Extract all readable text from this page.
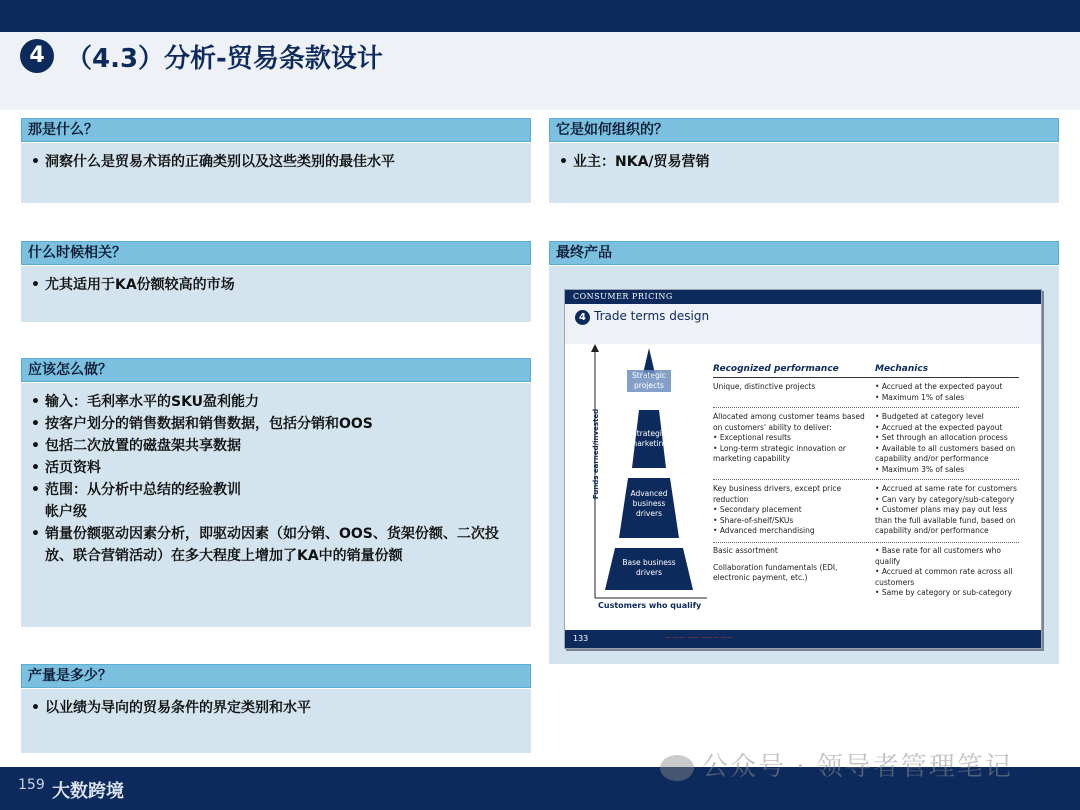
4 （4.3）分析-贸易条款设计
那是什么？
• 洞察什么是贸易术语的正确类别以及这些类别的最佳水平
什么时候相关？
• 尤其适用于KA份额较高的市场
应该怎么做？
• 输入：毛利率水平的SKU盈利能力
• 按客户划分的销售数据和销售数据，包括分销和OOS
• 包括二次放置的磁盘架共享数据
• 活页资料
• 范围：从分析中总结的经验教训
帐户级
• 销量份额驱动因素分析，即驱动因素（如分销、OOS、货架份额、二次投放、联合营销活动）在多大程度上增加了KA中的销量份额
产量是多少？
• 以业绩为导向的贸易条件的界定类别和水平
它是如何组织的？
• 业主：NKA/贸易营销
最终产品
CONSUMER PRICING
4 Trade terms design
Strategic projects
Strategic marketing
Advanced business drivers
Base business drivers
Funds earned/invested
Customers who qualify
Recognized performance	Mechanics
Unique, distinctive projects
•	Accrued at the expected payout
• Maximum 1% of sales
Allocated among customer teams based on customers' ability to deliver:
• Exceptional results
• Long-term strategic innovation or marketing capability
• Budgeted at category level
• Accrued at the expected payout
• Set through an allocation process
• Available to all customers based on capability and/or performance
• Maximum 3% of sales
Key business drivers, except price reduction
• Secondary placement
• Share-of-shelf/SKUs
• Advanced merchandising
• Accrued at same rate for customers
• Can vary by category/sub-category
• Customer plans may pay out less than the full available fund, based on capability and/or performance
Basic assortment
Collaboration fundamentals (EDI, electronic payment, etc.)
• Base rate for all customers who qualify
• Accrued at common rate across all customers
• Same by category or sub-category
133	— —— —— ——— ——
159 大数跨境
公众号 · 领导者管理笔记
